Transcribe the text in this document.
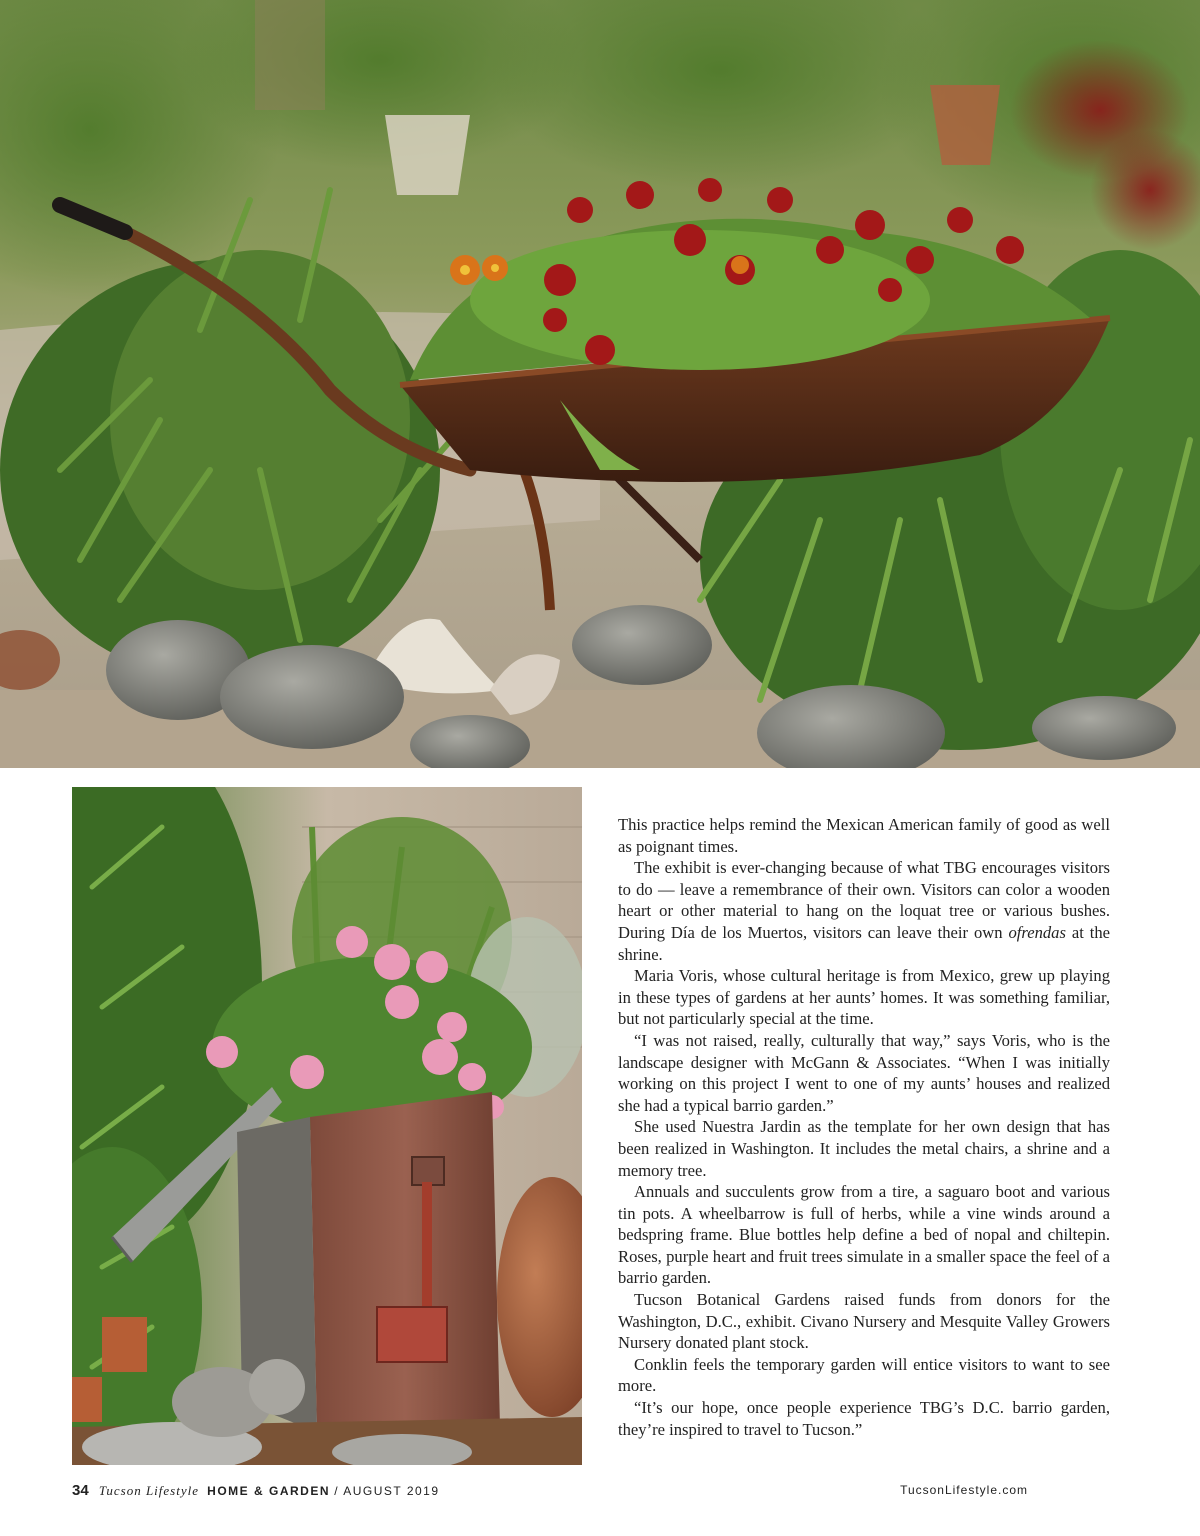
This practice helps remind the Mexican American family of good as well as poignant times.

The exhibit is ever-changing because of what TBG encourages visitors to do — leave a remembrance of their own. Visitors can color a wooden heart or other material to hang on the loquat tree or various bushes. During Día de los Muertos, visitors can leave their own ofrendas at the shrine.

Maria Voris, whose cultural heritage is from Mexico, grew up playing in these types of gardens at her aunts’ homes. It was something familiar, but not particularly special at the time.

“I was not raised, really, culturally that way,” says Voris, who is the landscape designer with McGann & Associates. “When I was initially working on this project I went to one of my aunts’ houses and realized she had a typical barrio garden.”

She used Nuestra Jardin as the template for her own design that has been realized in Washington. It includes the metal chairs, a shrine and a memory tree.

Annuals and succulents grow from a tire, a saguaro boot and various tin pots. A wheelbarrow is full of herbs, while a vine winds around a bedspring frame. Blue bottles help define a bed of nopal and chiltepin. Roses, purple heart and fruit trees simulate in a smaller space the feel of a barrio garden.

Tucson Botanical Gardens raised funds from donors for the Washington, D.C., exhibit. Civano Nursery and Mesquite Valley Growers Nursery donated plant stock.

Conklin feels the temporary garden will entice visitors to want to see more.

“It’s our hope, once people experience TBG’s D.C. barrio garden, they’re inspired to travel to Tucson.”

34 Tucson Lifestyle HOME & GARDEN / AUGUST 2019	TucsonLifestyle.com
